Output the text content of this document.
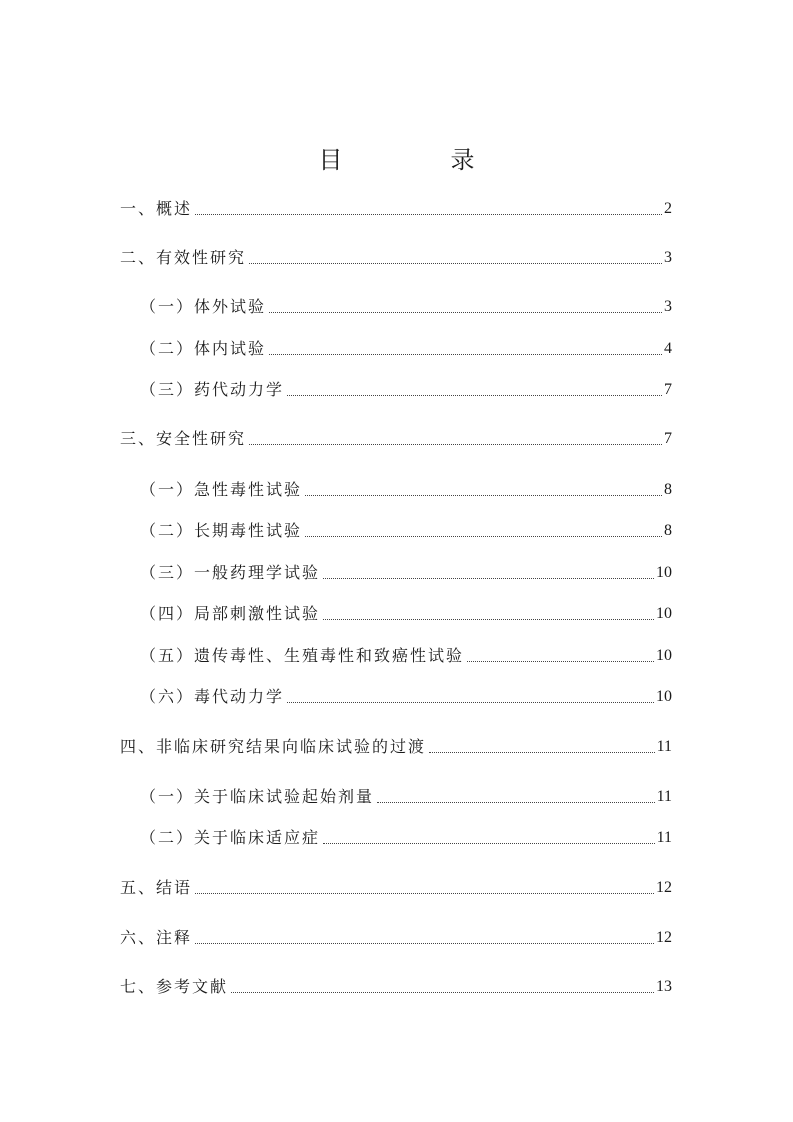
目　录
一、概述	2
二、有效性研究	3
（一）体外试验	3
（二）体内试验	4
（三）药代动力学	7
三、安全性研究	7
（一）急性毒性试验	8
（二）长期毒性试验	8
（三）一般药理学试验	10
（四）局部刺激性试验	10
（五）遗传毒性、生殖毒性和致癌性试验	10
（六）毒代动力学	10
四、非临床研究结果向临床试验的过渡	11
（一）关于临床试验起始剂量	11
（二）关于临床适应症	11
五、结语	12
六、注释	12
七、参考文献	13
